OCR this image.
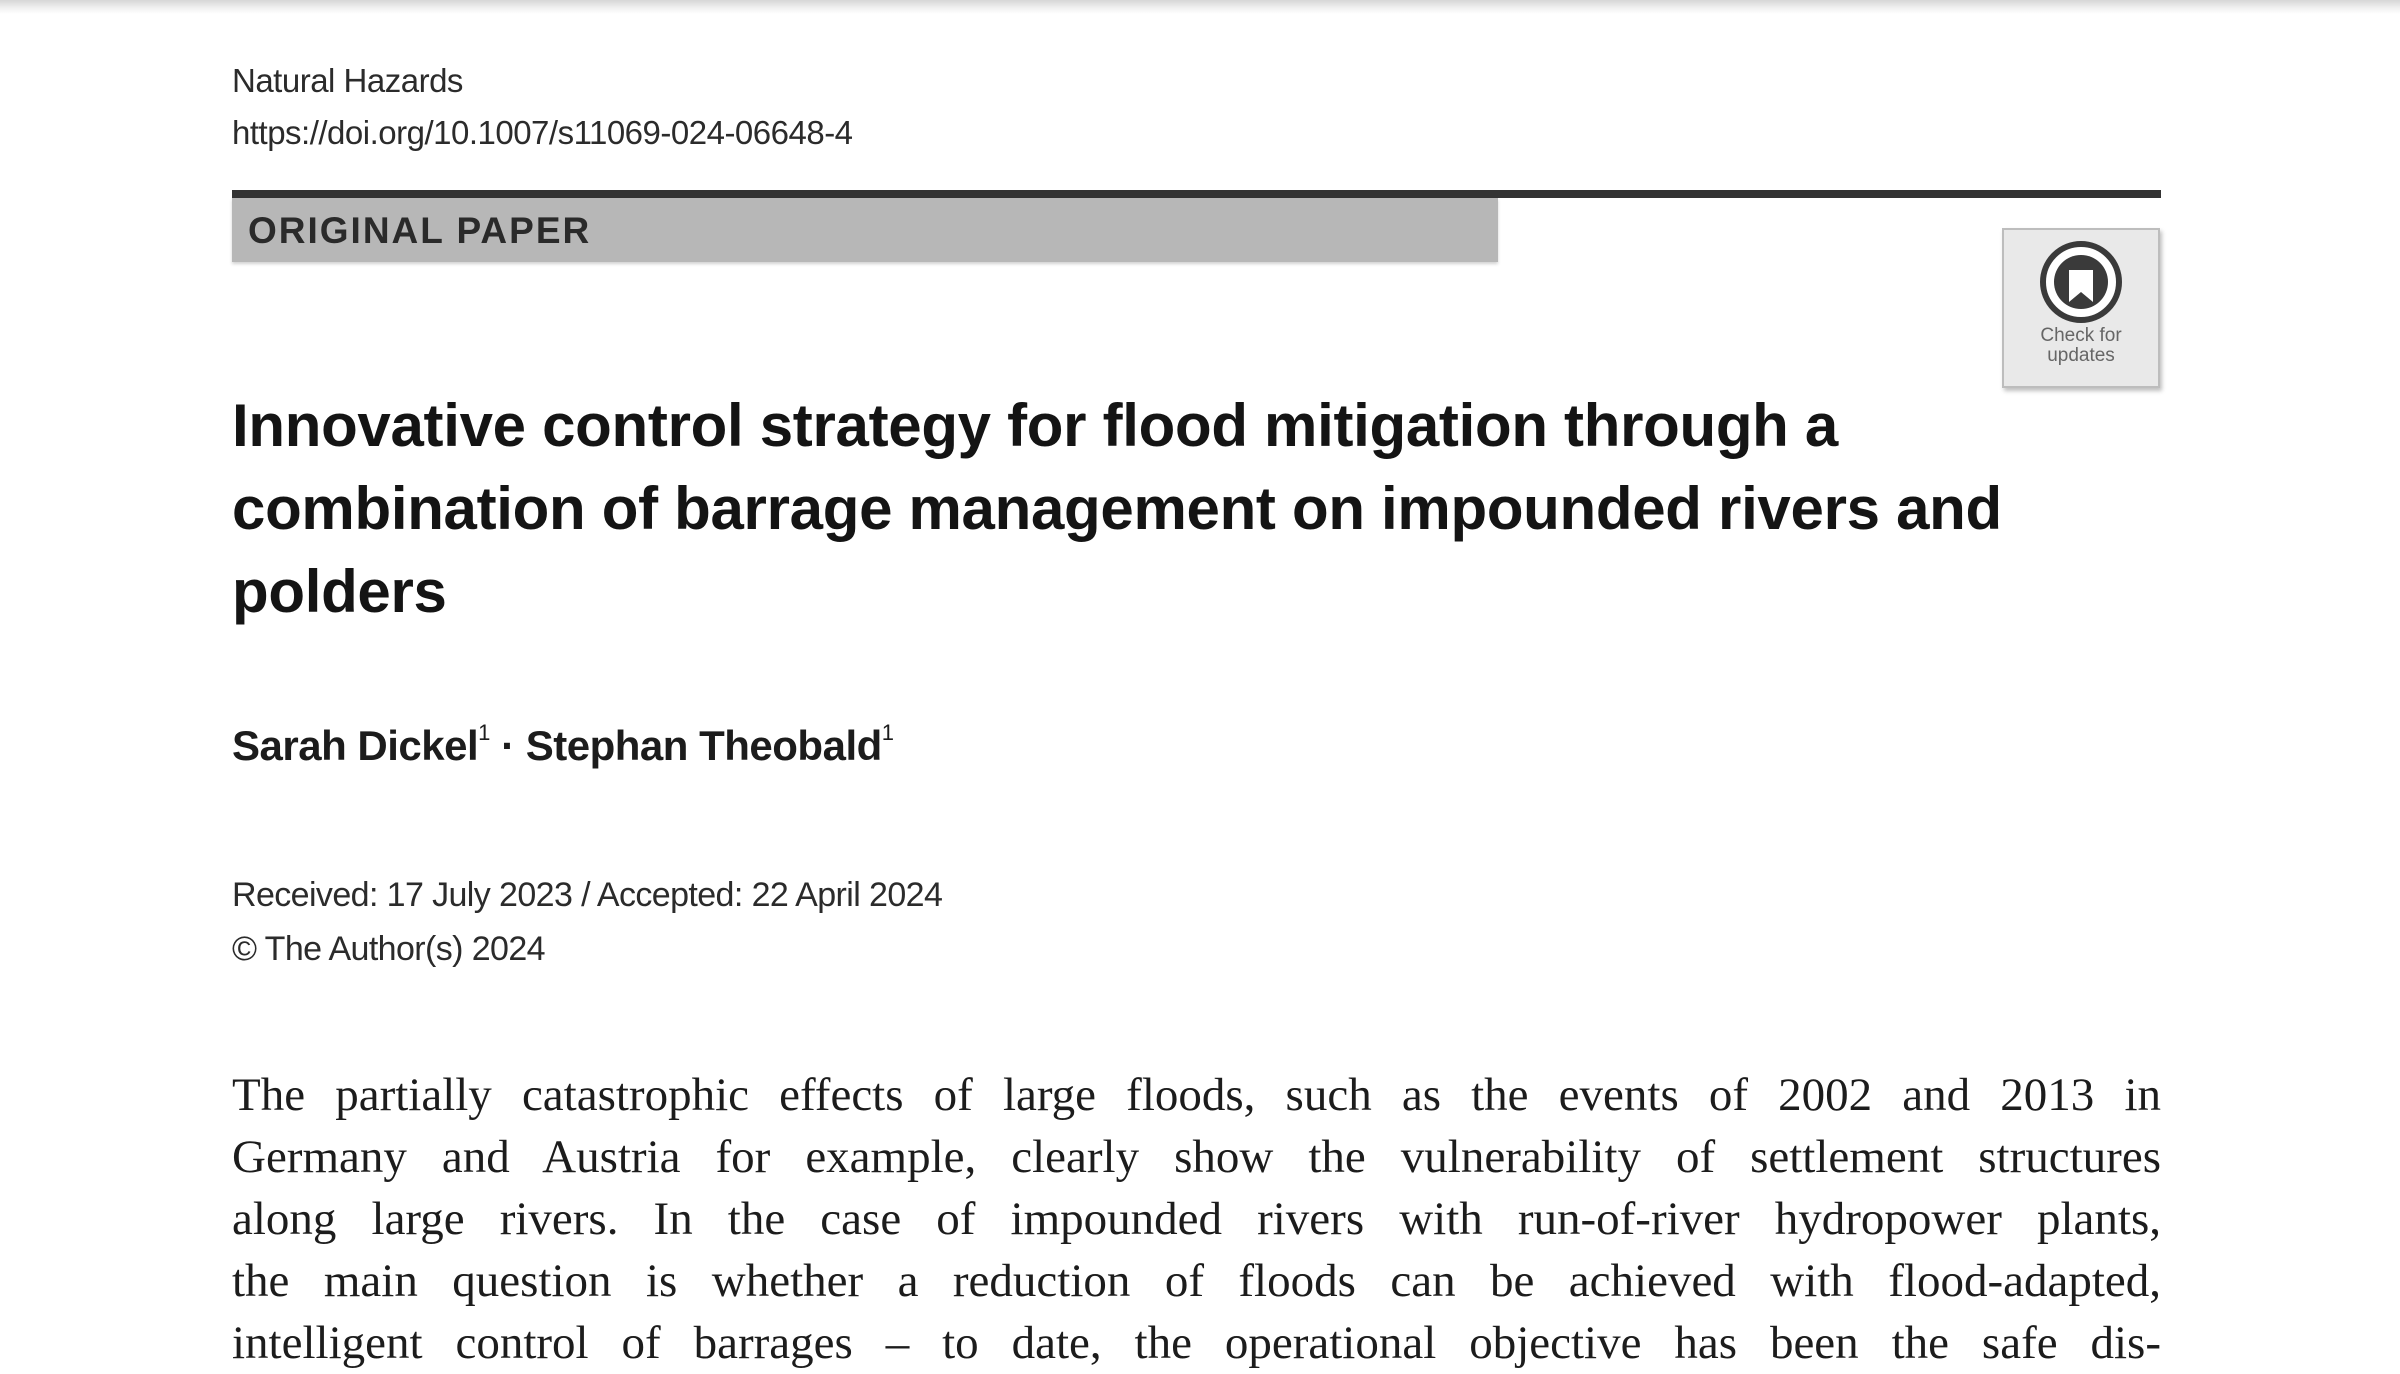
Natural Hazards
https://doi.org/10.1007/s11069-024-06648-4
ORIGINAL PAPER
Check for updates
Innovative control strategy for flood mitigation through a combination of barrage management on impounded rivers and polders
Sarah Dickel$^1$ · Stephan Theobald$^1$
Received: 17 July 2023 / Accepted: 22 April 2024
© The Author(s) 2024
The partially catastrophic effects of large floods, such as the events of 2002 and 2013 in
Germany and Austria for example, clearly show the vulnerability of settlement structures
along large rivers. In the case of impounded rivers with run-of-river hydropower plants,
the main question is whether a reduction of floods can be achieved with flood-adapted,
intelligent control of barrages – to date, the operational objective has been the safe dis-
